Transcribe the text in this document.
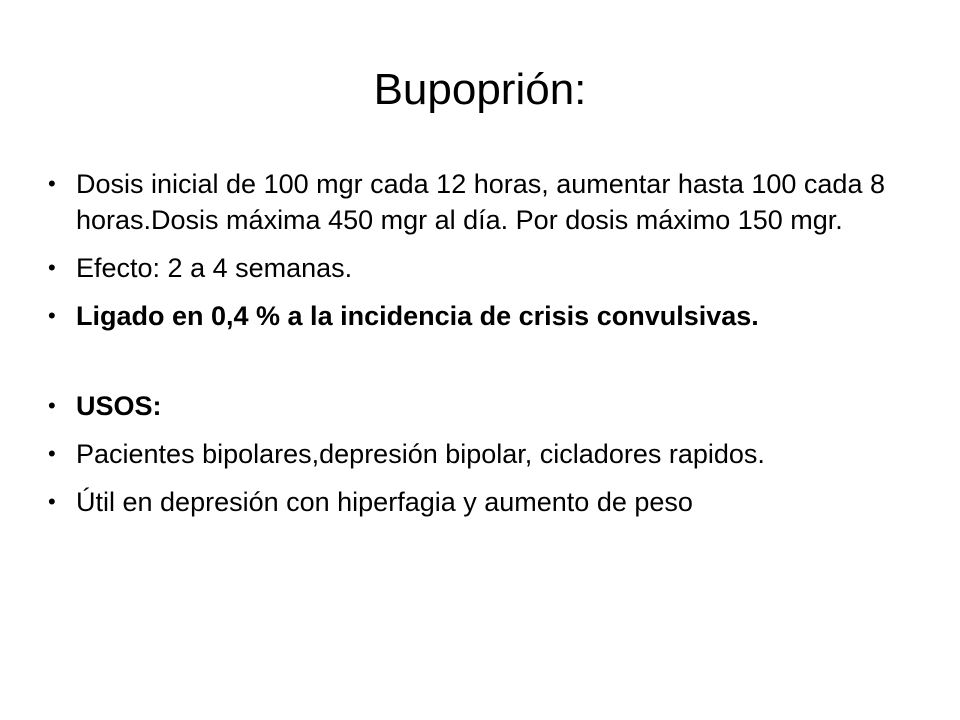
Bupoprión:
• Dosis inicial de 100 mgr cada 12 horas, aumentar hasta 100 cada 8 horas.Dosis máxima 450 mgr al día. Por dosis máximo 150 mgr.
• Efecto: 2 a 4 semanas.
• Ligado en 0,4 % a la incidencia de crisis convulsivas.
• USOS:
• Pacientes bipolares,depresión bipolar, cicladores rapidos.
• Útil en depresión con hiperfagia y aumento de peso
